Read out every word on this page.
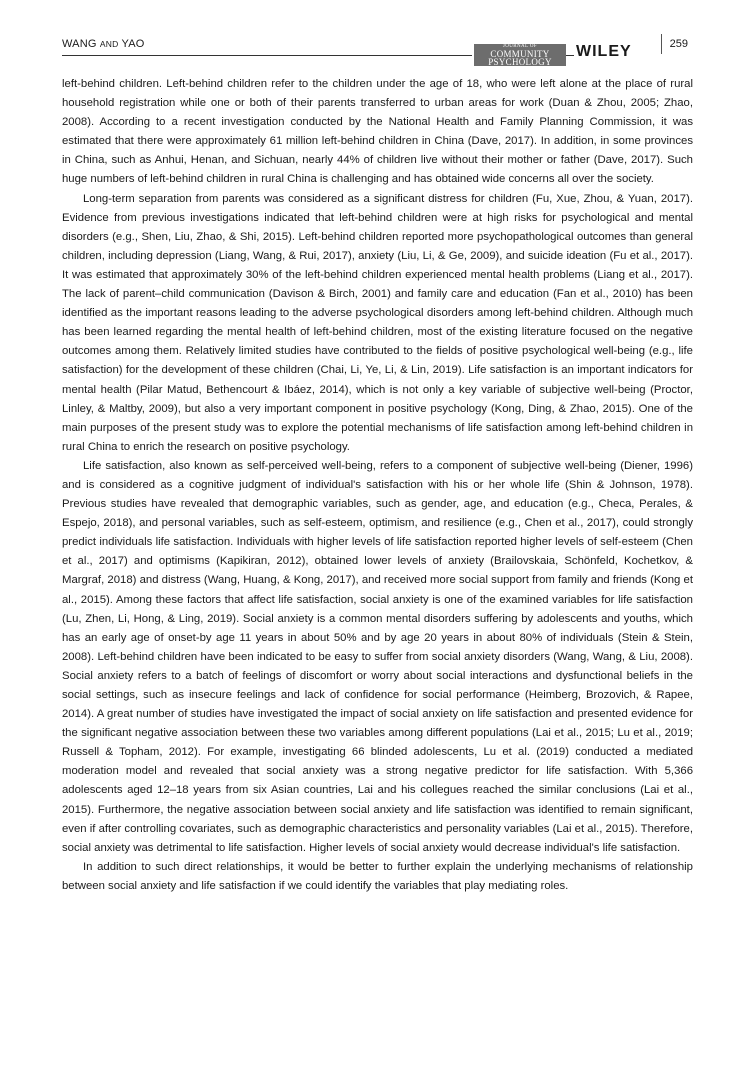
WANG AND YAO	JOURNAL OF
COMMUNITY
PSYCHOLOGY
WILEY	259

left-behind children. Left-behind children refer to the children under the age of 18, who were left alone at the place of rural household registration while one or both of their parents transferred to urban areas for work (Duan & Zhou, 2005; Zhao, 2008). According to a recent investigation conducted by the National Health and Family Planning Commission, it was estimated that there were approximately 61 million left-behind children in China (Dave, 2017). In addition, in some provinces in China, such as Anhui, Henan, and Sichuan, nearly 44% of children live without their mother or father (Dave, 2017). Such huge numbers of left-behind children in rural China is challenging and has obtained wide concerns all over the society.

Long-term separation from parents was considered as a significant distress for children (Fu, Xue, Zhou, & Yuan, 2017). Evidence from previous investigations indicated that left-behind children were at high risks for psychological and mental disorders (e.g., Shen, Liu, Zhao, & Shi, 2015). Left-behind children reported more psychopathological outcomes than general children, including depression (Liang, Wang, & Rui, 2017), anxiety (Liu, Li, & Ge, 2009), and suicide ideation (Fu et al., 2017). It was estimated that approximately 30% of the left-behind children experienced mental health problems (Liang et al., 2017). The lack of parent–child communication (Davison & Birch, 2001) and family care and education (Fan et al., 2010) has been identified as the important reasons leading to the adverse psychological disorders among left-behind children. Although much has been learned regarding the mental health of left-behind children, most of the existing literature focused on the negative outcomes among them. Relatively limited studies have contributed to the fields of positive psychological well-being (e.g., life satisfaction) for the development of these children (Chai, Li, Ye, Li, & Lin, 2019). Life satisfaction is an important indicators for mental health (Pilar Matud, Bethencourt & Ibáez, 2014), which is not only a key variable of subjective well-being (Proctor, Linley, & Maltby, 2009), but also a very important component in positive psychology (Kong, Ding, & Zhao, 2015). One of the main purposes of the present study was to explore the potential mechanisms of life satisfaction among left-behind children in rural China to enrich the research on positive psychology.

Life satisfaction, also known as self-perceived well-being, refers to a component of subjective well-being (Diener, 1996) and is considered as a cognitive judgment of individual's satisfaction with his or her whole life (Shin & Johnson, 1978). Previous studies have revealed that demographic variables, such as gender, age, and education (e.g., Checa, Perales, & Espejo, 2018), and personal variables, such as self-esteem, optimism, and resilience (e.g., Chen et al., 2017), could strongly predict individuals life satisfaction. Individuals with higher levels of life satisfaction reported higher levels of self-esteem (Chen et al., 2017) and optimisms (Kapikiran, 2012), obtained lower levels of anxiety (Brailovskaia, Schönfeld, Kochetkov, & Margraf, 2018) and distress (Wang, Huang, & Kong, 2017), and received more social support from family and friends (Kong et al., 2015). Among these factors that affect life satisfaction, social anxiety is one of the examined variables for life satisfaction (Lu, Zhen, Li, Hong, & Ling, 2019). Social anxiety is a common mental disorders suffering by adolescents and youths, which has an early age of onset-by age 11 years in about 50% and by age 20 years in about 80% of individuals (Stein & Stein, 2008). Left-behind children have been indicated to be easy to suffer from social anxiety disorders (Wang, Wang, & Liu, 2008). Social anxiety refers to a batch of feelings of discomfort or worry about social interactions and dysfunctional beliefs in the social settings, such as insecure feelings and lack of confidence for social performance (Heimberg, Brozovich, & Rapee, 2014). A great number of studies have investigated the impact of social anxiety on life satisfaction and presented evidence for the significant negative association between these two variables among different populations (Lai et al., 2015; Lu et al., 2019; Russell & Topham, 2012). For example, investigating 66 blinded adolescents, Lu et al. (2019) conducted a mediated moderation model and revealed that social anxiety was a strong negative predictor for life satisfaction. With 5,366 adolescents aged 12–18 years from six Asian countries, Lai and his collegues reached the similar conclusions (Lai et al., 2015). Furthermore, the negative association between social anxiety and life satisfaction was identified to remain significant, even if after controlling covariates, such as demographic characteristics and personality variables (Lai et al., 2015). Therefore, social anxiety was detrimental to life satisfaction. Higher levels of social anxiety would decrease individual's life satisfaction.

In addition to such direct relationships, it would be better to further explain the underlying mechanisms of relationship between social anxiety and life satisfaction if we could identify the variables that play mediating roles.
